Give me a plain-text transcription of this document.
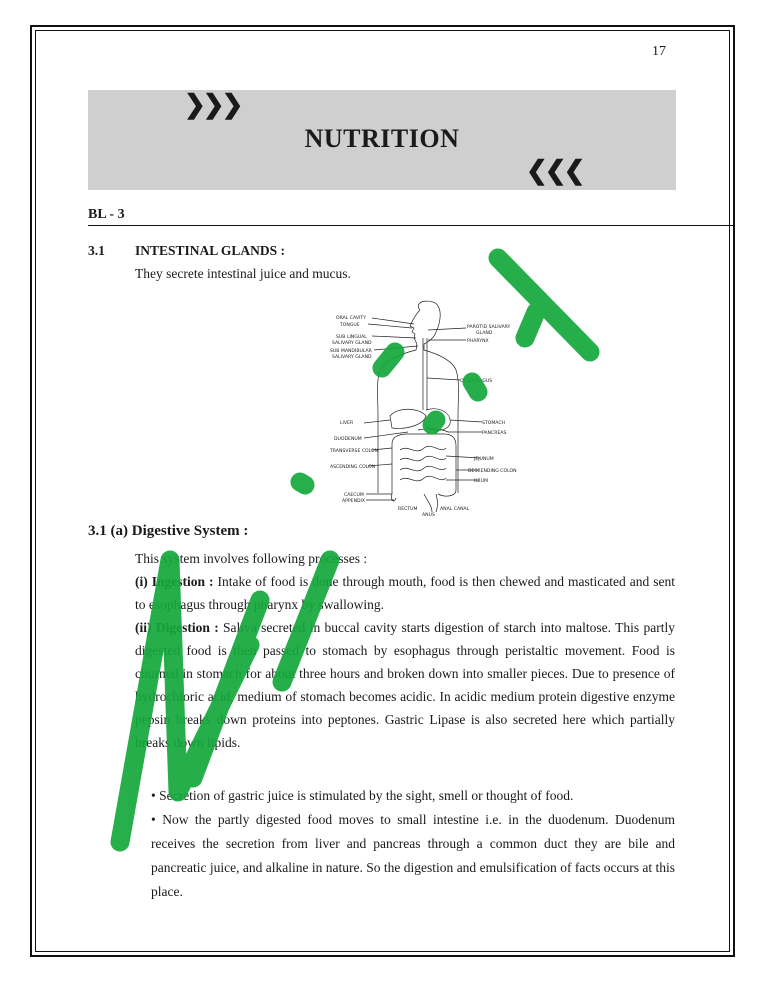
17
❯❯❯
NUTRITION
❮❮❮
BL - 3
3.1 INTESTINAL GLANDS :
They secrete intestinal juice and mucus.
ORAL CAVITY
TONGUE
SUB LINGUAL
SALIVARY GLAND
SUB MANDIBULAR
SALIVARY GLAND
PAROTID SALIVARY
GLAND
PHARYNX
OESOPHAGUS
LIVER	STOMACH
PANCREAS
DUODENUM
TRANSVERSE COLON
JEJUNUM
ASCENDING COLON
DESCENDING COLON
ILEUM
CAECUM
APPENDIX
RECTUM
ANUS
ANAL CANAL
3.1 (a) Digestive System :

This system involves following processes :

(i) Ingestion : Intake of food is done through mouth, food is then chewed and masticated and sent to esophagus through pharynx by swallowing.

(ii) Digestion : Saliva secreted in buccal cavity starts digestion of starch into maltose. This partly digested food is then passed to stomach by esophagus through peristaltic movement. Food is churned in stomach for about three hours and broken down into smaller pieces. Due to presence of hydrochloric acid, medium of stomach becomes acidic. In acidic medium protein digestive enzyme pepsin breaks down proteins into peptones. Gastric Lipase is also secreted here which partially breaks down lipids.

• Secretion of gastric juice is stimulated by the sight, smell or thought of food.

• Now the partly digested food moves to small intestine i.e. in the duodenum. Duodenum receives the secretion from liver and pancreas through a common duct they are bile and pancreatic juice, and alkaline in nature. So the digestion and emulsification of facts occurs at this place.
